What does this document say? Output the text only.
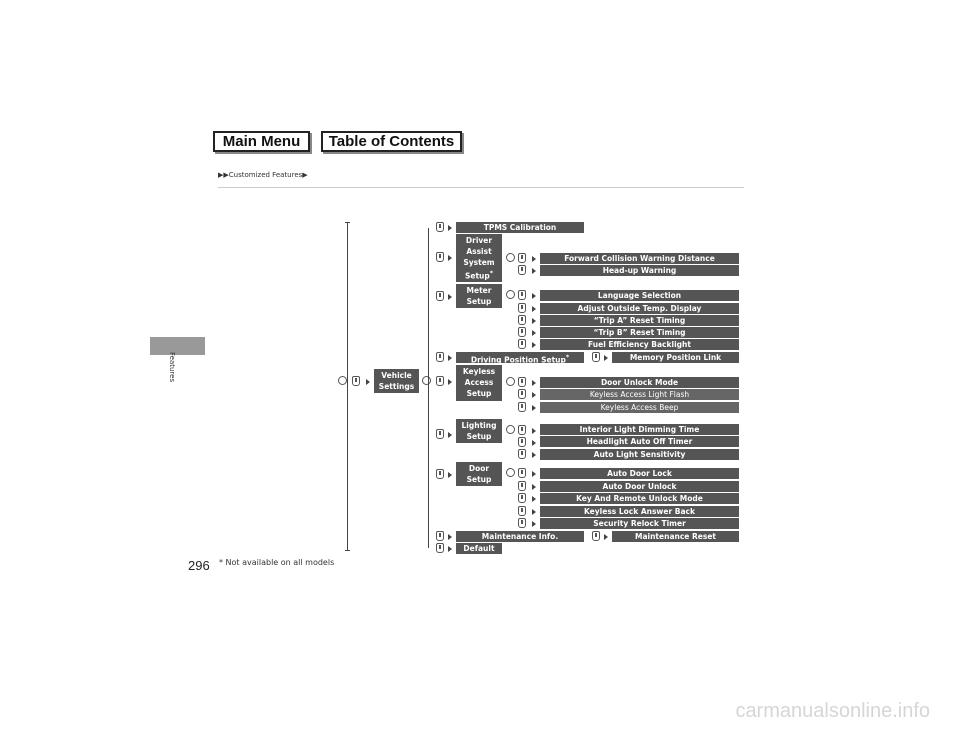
Main Menu	Table of Contents
▶▶Customized Features▶
Features	Vehicle Settings
TPMS Calibration
Driver Assist System Setup*
Forward Collision Warning Distance
Head-up Warning
Meter Setup
Language Selection
Adjust Outside Temp. Display
“Trip A” Reset Timing
“Trip B” Reset Timing
Fuel Efficiency Backlight
Driving Position Setup*	Memory Position Link
Keyless Access Setup
Door Unlock Mode
Keyless Access Light Flash
Keyless Access Beep
Lighting Setup
Interior Light Dimming Time
Headlight Auto Off Timer
Auto Light Sensitivity
Door Setup
Auto Door Lock
Auto Door Unlock
Key And Remote Unlock Mode
Keyless Lock Answer Back
Security Relock Timer
Maintenance Info.	Maintenance Reset
Default
296 * Not available on all models
carmanualsonline.info
